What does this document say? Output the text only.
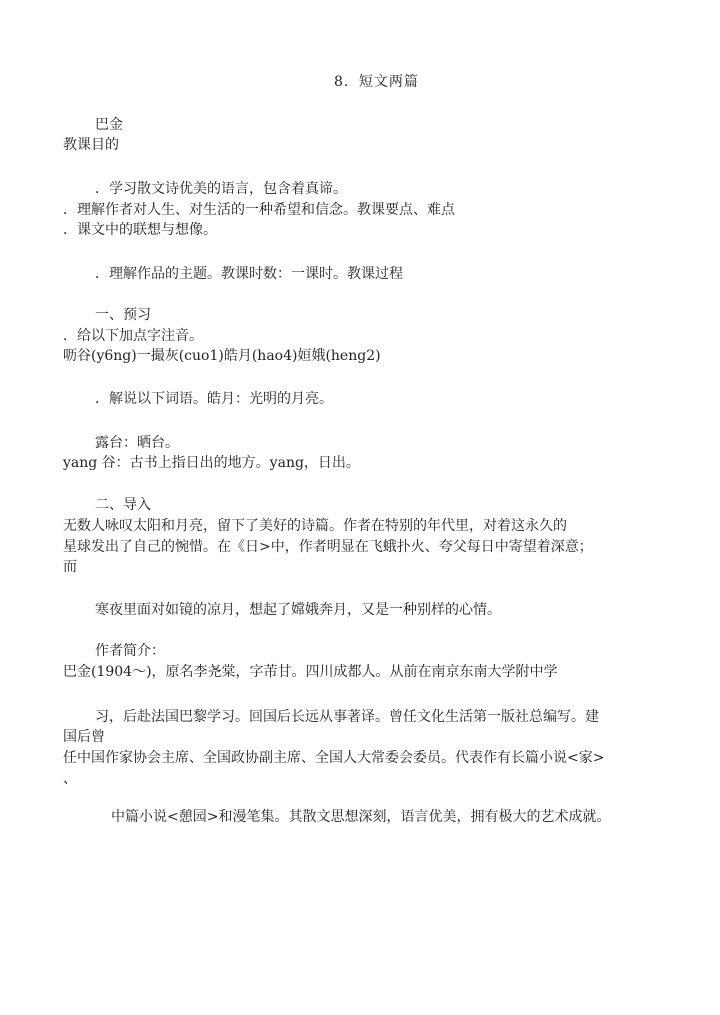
8．短文两篇
巴金
教课目的
．学习散文诗优美的语言，包含着真谛。
．理解作者对人生、对生活的一种希望和信念。教课要点、难点
．课文中的联想与想像。
．理解作品的主题。教课时数：一课时。教课过程
一、预习
．给以下加点字注音。
呖谷(y6ng)一撮灰(cuo1)皓月(hao4)姮娥(heng2)
．解说以下词语。皓月：光明的月亮。
露台：晒台。
yang 谷：古书上指日出的地方。yang，日出。
二、导入
无数人咏叹太阳和月亮，留下了美好的诗篇。作者在特别的年代里，对着这永久的
星球发出了自己的惋惜。在《日>中，作者明显在飞蛾扑火、夸父每日中寄望着深意；
而
寒夜里面对如镜的凉月，想起了嫦娥奔月，又是一种别样的心情。
作者简介：
巴金(1904～)，原名李尧棠，字芾甘。四川成都人。从前在南京东南大学附中学
习，后赴法国巴黎学习。回国后长远从事著译。曾任文化生活第一版社总编写。建
国后曾
任中国作家协会主席、全国政协副主席、全国人大常委会委员。代表作有长篇小说<家>
、
中篇小说<憩园>和漫笔集。其散文思想深刻，语言优美，拥有极大的艺术成就。
